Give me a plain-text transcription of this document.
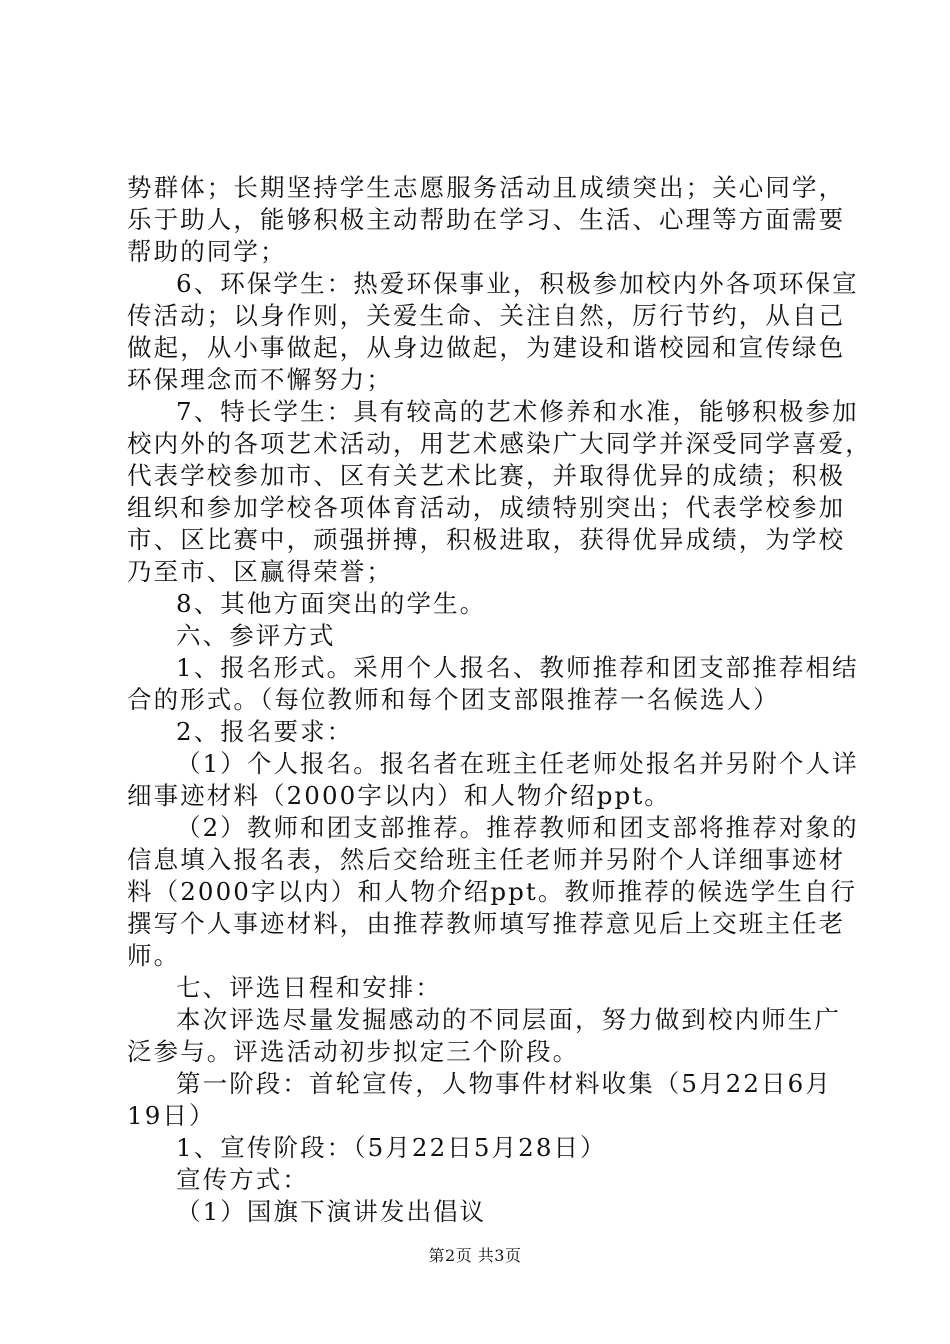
势群体；长期坚持学生志愿服务活动且成绩突出；关心同学，
乐于助人，能够积极主动帮助在学习、生活、心理等方面需要
帮助的同学；
6、环保学生：热爱环保事业，积极参加校内外各项环保宣
传活动；以身作则，关爱生命、关注自然，厉行节约，从自己
做起，从小事做起，从身边做起，为建设和谐校园和宣传绿色
环保理念而不懈努力；
7、特长学生：具有较高的艺术修养和水准，能够积极参加
校内外的各项艺术活动，用艺术感染广大同学并深受同学喜爱，
代表学校参加市、区有关艺术比赛，并取得优异的成绩；积极
组织和参加学校各项体育活动，成绩特别突出；代表学校参加
市、区比赛中，顽强拼搏，积极进取，获得优异成绩，为学校
乃至市、区赢得荣誉；
8、其他方面突出的学生。
六、参评方式
1、报名形式。采用个人报名、教师推荐和团支部推荐相结
合的形式。（每位教师和每个团支部限推荐一名候选人）
2、报名要求：
（1）个人报名。报名者在班主任老师处报名并另附个人详
细事迹材料（2000字以内）和人物介绍ppt。
（2）教师和团支部推荐。推荐教师和团支部将推荐对象的
信息填入报名表，然后交给班主任老师并另附个人详细事迹材
料（2000字以内）和人物介绍ppt。教师推荐的候选学生自行
撰写个人事迹材料，由推荐教师填写推荐意见后上交班主任老
师。
七、评选日程和安排：
本次评选尽量发掘感动的不同层面，努力做到校内师生广
泛参与。评选活动初步拟定三个阶段。
第一阶段：首轮宣传，人物事件材料收集（5月22日6月
19日）
1、宣传阶段：（5月22日5月28日）
宣传方式：
（1）国旗下演讲发出倡议
第2页 共3页
